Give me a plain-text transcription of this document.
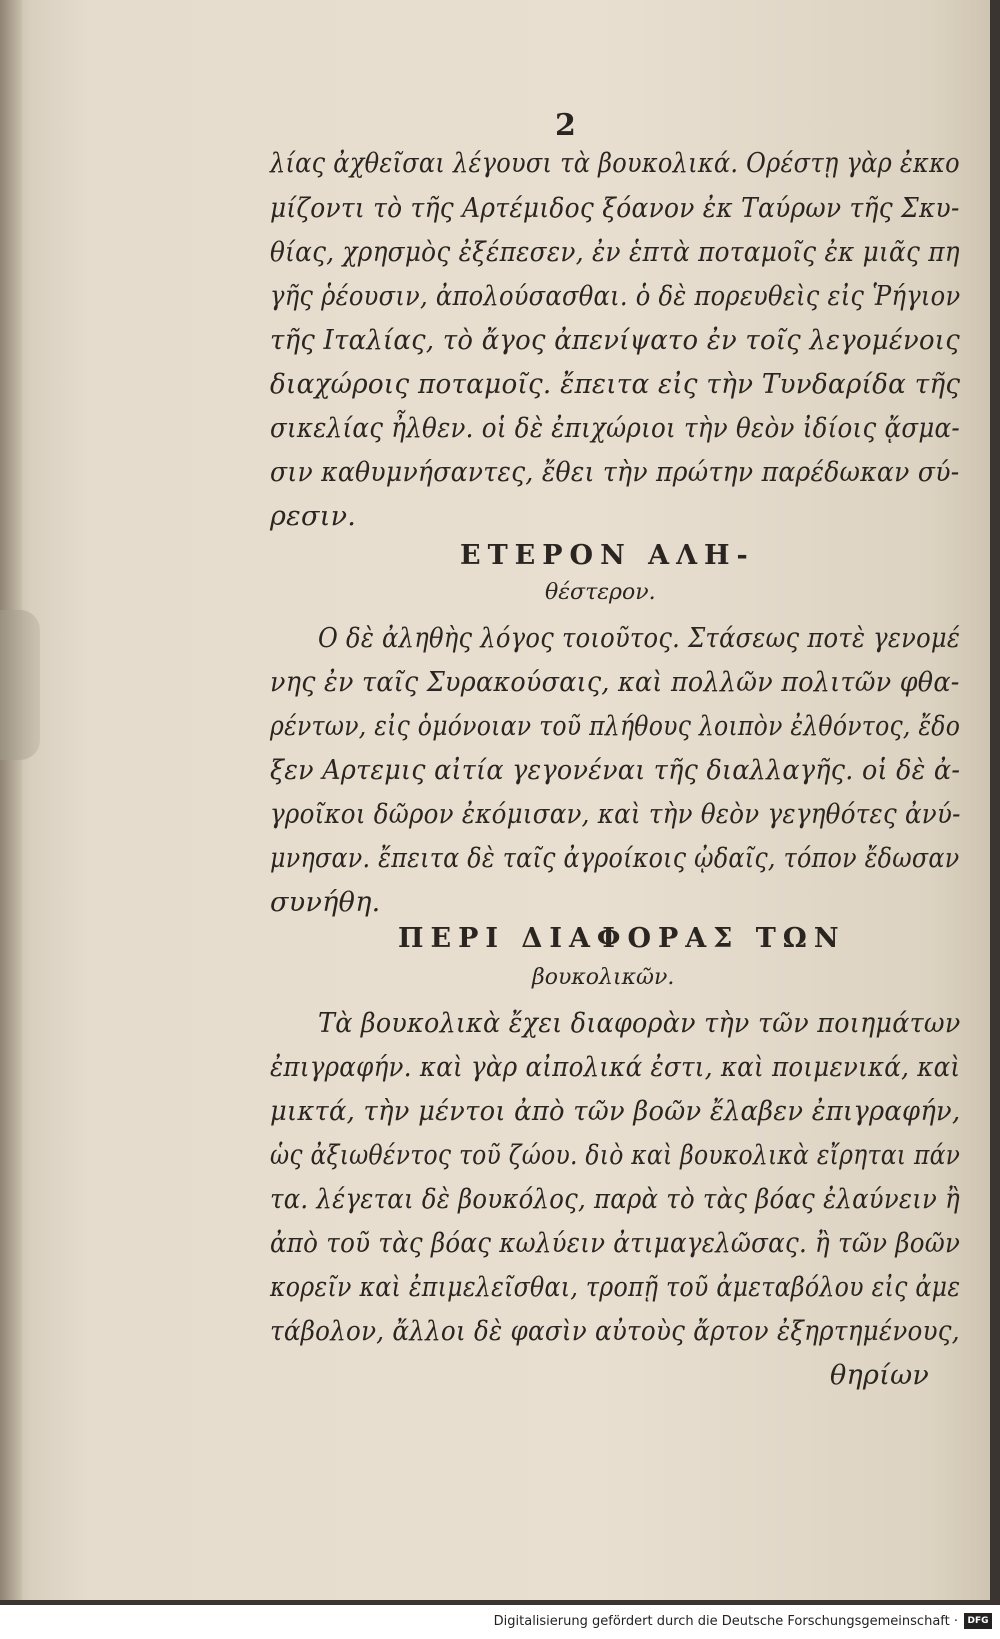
2
λίας ἀχθεῖσαι λέγουσι τὰ βουκολικά. Ορέστῃ γὰρ ἐκκο
μίζοντι τὸ τῆς Αρτέμιδος ξόανον ἐκ Ταύρων τῆς Σκυ-
θίας, χρησμὸς ἐξέπεσεν, ἐν ἑπτὰ ποταμοῖς ἐκ μιᾶς πη
γῆς ῥέουσιν, ἀπολούσασθαι. ὁ δὲ πορευθεὶς εἰς Ῥήγιον
τῆς Ιταλίας, τὸ ἄγος ἀπενίψατο ἐν τοῖς λεγομένοις
διαχώροις ποταμοῖς. ἔπειτα εἰς τὴν Τυνδαρίδα τῆς
σικελίας ἦλθεν. οἱ δὲ ἐπιχώριοι τὴν θεὸν ἰδίοις ᾄσμα-
σιν καθυμνήσαντες, ἔθει τὴν πρώτην παρέδωκαν σύ-
ρεσιν.
ΕΤΕΡΟΝ ΑΛΗ-
θέστερον.
Ο δὲ ἀληθὴς λόγος τοιοῦτος. Στάσεως ποτὲ γενομέ
νης ἐν ταῖς Συρακούσαις, καὶ πολλῶν πολιτῶν φθα-
ρέντων, εἰς ὁμόνοιαν τοῦ πλήθους λοιπὸν ἐλθόντος, ἔδο
ξεν Αρτεμις αἰτία γεγονέναι τῆς διαλλαγῆς. οἱ δὲ ἀ-
γροῖκοι δῶρον ἐκόμισαν, καὶ τὴν θεὸν γεγηθότες ἀνύ-
μνησαν. ἔπειτα δὲ ταῖς ἀγροίκοις ᾠδαῖς, τόπον ἔδωσαν
συνήθη.
ΠΕΡΙ ΔΙΑΦΟΡΑΣ ΤΩΝ
βουκολικῶν.
Τὰ βουκολικὰ ἔχει διαφορὰν τὴν τῶν ποιημάτων
ἐπιγραφήν. καὶ γὰρ αἰπολικά ἐστι, καὶ ποιμενικά, καὶ
μικτά, τὴν μέντοι ἀπὸ τῶν βοῶν ἔλαβεν ἐπιγραφήν,
ὡς ἀξιωθέντος τοῦ ζώου. διὸ καὶ βουκολικὰ εἴρηται πάν
τα. λέγεται δὲ βουκόλος, παρὰ τὸ τὰς βόας ἐλαύνειν ἢ
ἀπὸ τοῦ τὰς βόας κωλύειν ἀτιμαγελῶσας. ἢ τῶν βοῶν
κορεῖν καὶ ἐπιμελεῖσθαι, τροπῇ τοῦ ἀμεταβόλου εἰς ἀμε
τάβολον, ἄλλοι δὲ φασὶν αὐτοὺς ἄρτον ἐξηρτημένους,
θηρίων
Digitalisierung gefördert durch die Deutsche Forschungsgemeinschaft ·	DFG
